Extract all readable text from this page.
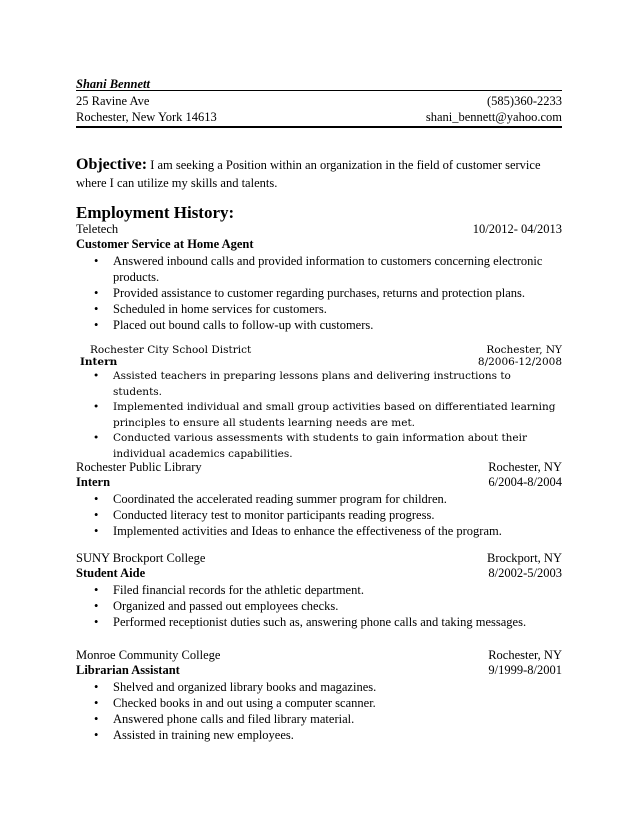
Shani Bennett
25 Ravine Ave	(585)360-2233
Rochester, New York 14613	shani_bennett@yahoo.com
Objective: I am seeking a Position within an organization in the field of customer service where I can utilize my skills and talents.
Employment History:
Teletech	10/2012- 04/2013
Customer Service at Home Agent
• Answered inbound calls and provided information to customers concerning electronic products.
• Provided assistance to customer regarding purchases, returns and protection plans.
• Scheduled in home services for customers.
• Placed out bound calls to follow-up with customers.
Rochester City School District	Rochester, NY
Intern	8/2006-12/2008
• Assisted teachers in preparing lessons plans and delivering instructions to students.
• Implemented individual and small group activities based on differentiated learning principles to ensure all students learning needs are met.
• Conducted various assessments with students to gain information about their individual academics capabilities.
Rochester Public Library	Rochester, NY
Intern	6/2004-8/2004
• Coordinated the accelerated reading summer program for children.
• Conducted literacy test to monitor participants reading progress.
• Implemented activities and Ideas to enhance the effectiveness of the program.
SUNY Brockport College	Brockport, NY
Student Aide	8/2002-5/2003
• Filed financial records for the athletic department.
• Organized and passed out employees checks.
• Performed receptionist duties such as, answering phone calls and taking messages.
Monroe Community College	Rochester, NY
Librarian Assistant	9/1999-8/2001
• Shelved and organized library books and magazines.
• Checked books in and out using a computer scanner.
• Answered phone calls and filed library material.
• Assisted in training new employees.
